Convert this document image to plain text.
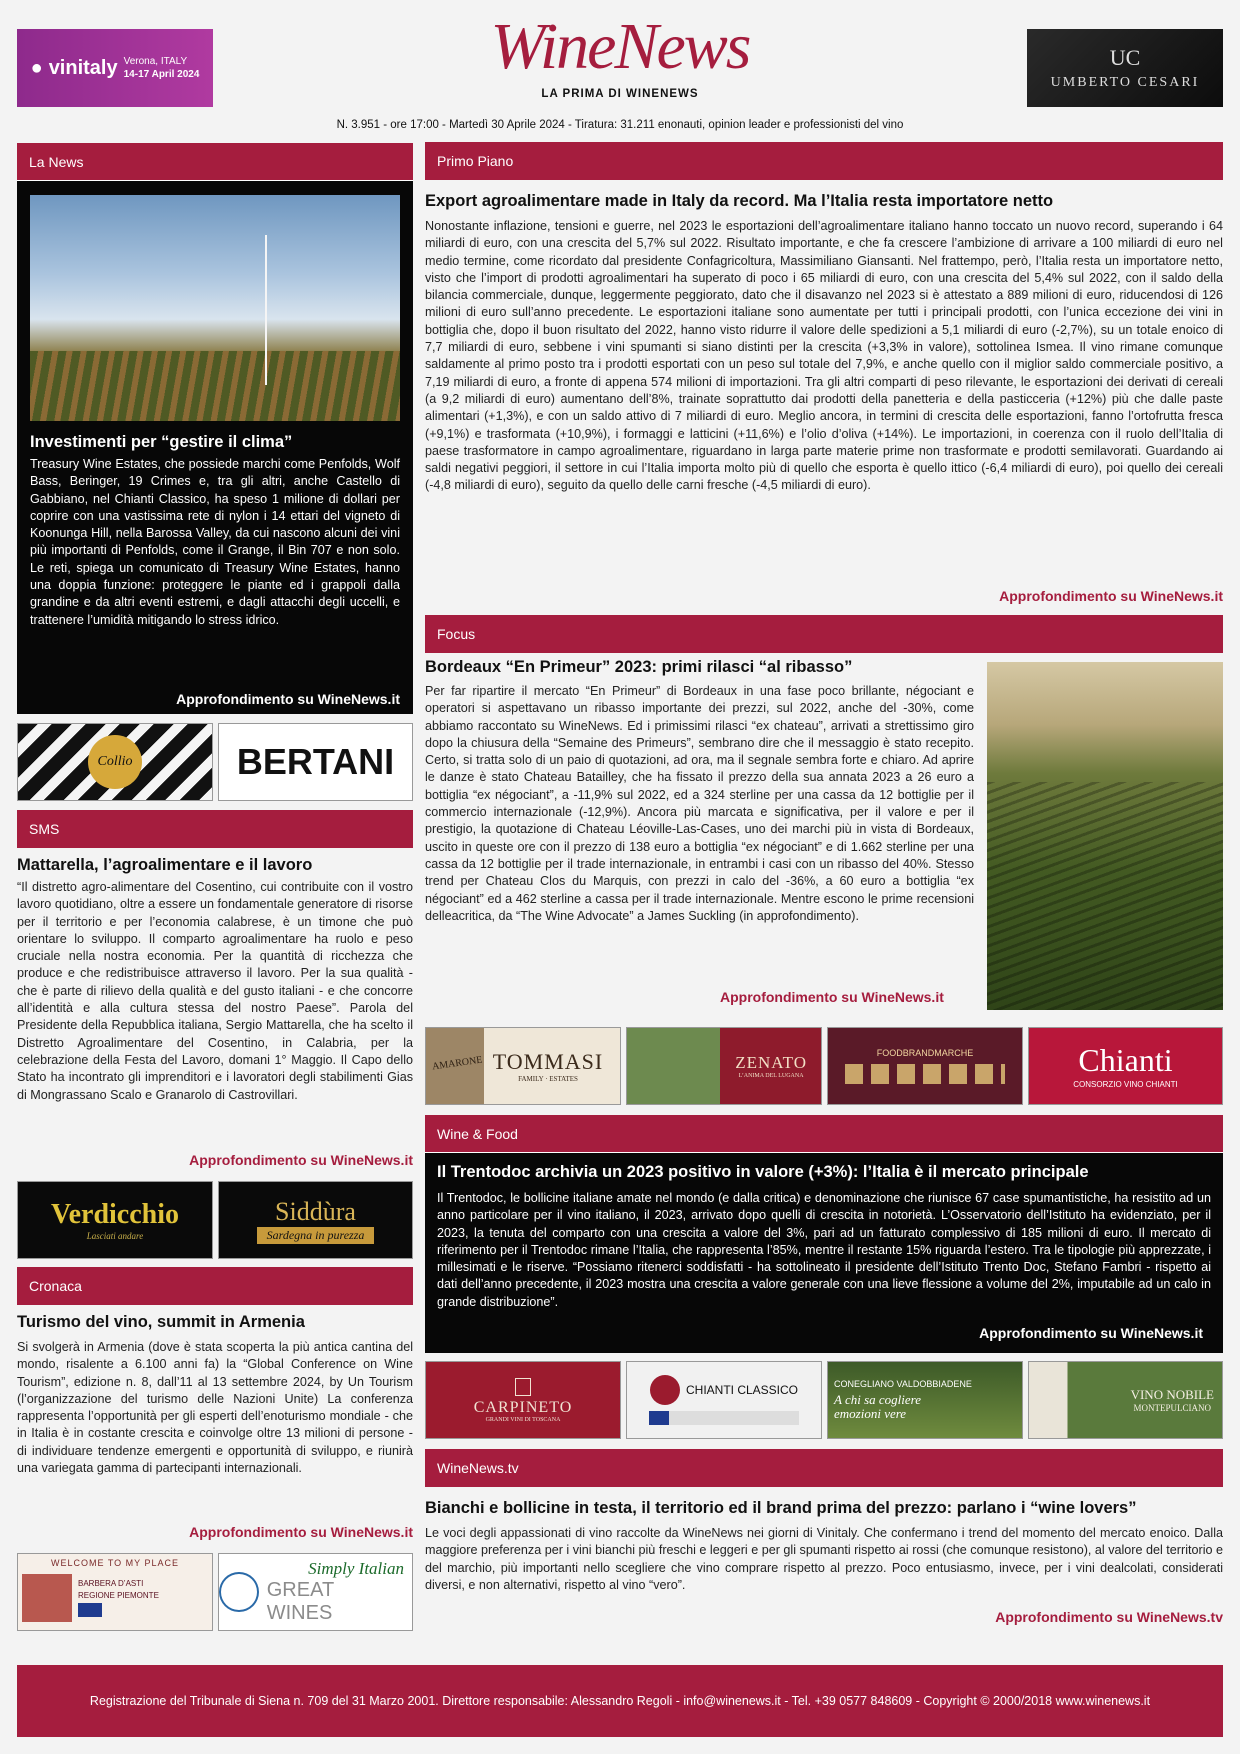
● vinitaly Verona, ITALY
14-17 April 2024	WineNews
LA PRIMA DI WINENEWS
UC
UMBERTO CESARI
N. 3.951 - ore 17:00 - Martedì 30 Aprile 2024 - Tiratura: 31.211 enonauti, opinion leader e professionisti del vino
La News
Investimenti per “gestire il clima”
Treasury Wine Estates, che possiede marchi come Penfolds, Wolf Bass, Beringer, 19 Crimes e, tra gli altri, anche Castello di Gabbiano, nel Chianti Classico, ha speso 1 milione di dollari per coprire con una vastissima rete di nylon i 14 ettari del vigneto di Koonunga Hill, nella Barossa Valley, da cui nascono alcuni dei vini più importanti di Penfolds, come il Grange, il Bin 707 e non solo. Le reti, spiega un comunicato di Treasury Wine Estates, hanno una doppia funzione: proteggere le piante ed i grappoli dalla grandine e da altri eventi estremi, e dagli attacchi degli uccelli, e trattenere l’umidità mitigando lo stress idrico.
Approfondimento su WineNews.it
Collio	BERTANI
SMS
Mattarella, l’agroalimentare e il lavoro
“Il distretto agro-alimentare del Cosentino, cui contribuite con il vostro lavoro quotidiano, oltre a essere un fondamentale generatore di risorse per il territorio e per l’economia calabrese, è un timone che può orientare lo sviluppo. Il comparto agroalimentare ha ruolo e peso cruciale nella nostra economia. Per la quantità di ricchezza che produce e che redistribuisce attraverso il lavoro. Per la sua qualità - che è parte di rilievo della qualità e del gusto italiani - e che concorre all’identità e alla cultura stessa del nostro Paese”. Parola del Presidente della Repubblica italiana, Sergio Mattarella, che ha scelto il Distretto Agroalimentare del Cosentino, in Calabria, per la celebrazione della Festa del Lavoro, domani 1° Maggio. Il Capo dello Stato ha incontrato gli imprenditori e i lavoratori degli stabilimenti Gias di Mongrassano Scalo e Granarolo di Castrovillari.
Approfondimento su WineNews.it
Verdicchio
Lasciati andare
Siddùra
Sardegna in purezza
Cronaca
Turismo del vino, summit in Armenia
Si svolgerà in Armenia (dove è stata scoperta la più antica cantina del mondo, risalente a 6.100 anni fa) la “Global Conference on Wine Tourism”, edizione n. 8, dall’11 al 13 settembre 2024, by Un Tourism (l’organizzazione del turismo delle Nazioni Unite) La conferenza rappresenta l’opportunità per gli esperti dell’enoturismo mondiale - che in Italia è in costante crescita e coinvolge oltre 13 milioni di persone - di individuare tendenze emergenti e opportunità di sviluppo, e riunirà una variegata gamma di partecipanti internazionali.
Approfondimento su WineNews.it
WELCOME TO MY PLACE
BARBERA D’ASTI
REGIONE PIEMONTE
Simply Italian
GREAT WINES
Primo Piano
Export agroalimentare made in Italy da record. Ma l’Italia resta importatore netto
Nonostante inflazione, tensioni e guerre, nel 2023 le esportazioni dell’agroalimentare italiano hanno toccato un nuovo record, superando i 64 miliardi di euro, con una crescita del 5,7% sul 2022. Risultato importante, e che fa crescere l’ambizione di arrivare a 100 miliardi di euro nel medio termine, come ricordato dal presidente Confagricoltura, Massimiliano Giansanti. Nel frattempo, però, l’Italia resta un importatore netto, visto che l’import di prodotti agroalimentari ha superato di poco i 65 miliardi di euro, con una crescita del 5,4% sul 2022, con il saldo della bilancia commerciale, dunque, leggermente peggiorato, dato che il disavanzo nel 2023 si è attestato a 889 milioni di euro, riducendosi di 126 milioni di euro sull’anno precedente. Le esportazioni italiane sono aumentate per tutti i principali prodotti, con l’unica eccezione dei vini in bottiglia che, dopo il buon risultato del 2022, hanno visto ridurre il valore delle spedizioni a 5,1 miliardi di euro (-2,7%), su un totale enoico di 7,7 miliardi di euro, sebbene i vini spumanti si siano distinti per la crescita (+3,3% in valore), sottolinea Ismea. Il vino rimane comunque saldamente al primo posto tra i prodotti esportati con un peso sul totale del 7,9%, e anche quello con il miglior saldo commerciale positivo, a 7,19 miliardi di euro, a fronte di appena 574 milioni di importazioni. Tra gli altri comparti di peso rilevante, le esportazioni dei derivati di cereali (a 9,2 miliardi di euro) aumentano dell’8%, trainate soprattutto dai prodotti della panetteria e della pasticceria (+12%) più che dalle paste alimentari (+1,3%), e con un saldo attivo di 7 miliardi di euro. Meglio ancora, in termini di crescita delle esportazioni, fanno l’ortofrutta fresca (+9,1%) e trasformata (+10,9%), i formaggi e latticini (+11,6%) e l’olio d’oliva (+14%). Le importazioni, in coerenza con il ruolo dell’Italia di paese trasformatore in campo agroalimentare, riguardano in larga parte materie prime non trasformate e prodotti semilavorati. Guardando ai saldi negativi peggiori, il settore in cui l’Italia importa molto più di quello che esporta è quello ittico (-6,4 miliardi di euro), poi quello dei cereali (-4,8 miliardi di euro), seguito da quello delle carni fresche (-4,5 miliardi di euro).
Approfondimento su WineNews.it
Focus
Bordeaux “En Primeur” 2023: primi rilasci “al ribasso”
Per far ripartire il mercato “En Primeur” di Bordeaux in una fase poco brillante, négociant e operatori si aspettavano un ribasso importante dei prezzi, sul 2022, anche del -30%, come abbiamo raccontato su WineNews. Ed i primissimi rilasci “ex chateau”, arrivati a strettissimo giro dopo la chiusura della “Semaine des Primeurs”, sembrano dire che il messaggio è stato recepito. Certo, si tratta solo di un paio di quotazioni, ad ora, ma il segnale sembra forte e chiaro. Ad aprire le danze è stato Chateau Batailley, che ha fissato il prezzo della sua annata 2023 a 26 euro a bottiglia “ex négociant”, a -11,9% sul 2022, ed a 324 sterline per una cassa da 12 bottiglie per il commercio internazionale (-12,9%). Ancora più marcata e significativa, per il valore e per il prestigio, la quotazione di Chateau Léoville-Las-Cases, uno dei marchi più in vista di Bordeaux, uscito in queste ore con il prezzo di 138 euro a bottiglia “ex négociant” e di 1.662 sterline per una cassa da 12 bottiglie per il trade internazionale, in entrambi i casi con un ribasso del 40%. Stesso trend per Chateau Clos du Marquis, con prezzi in calo del -36%, a 60 euro a bottiglia “ex négociant” ed a 462 sterline a cassa per il trade internazionale. Mentre escono le prime recensioni delleacritica, da “The Wine Advocate” a James Suckling (in approfondimento).
Approfondimento su WineNews.it
AMARONE TOMMASI
FAMILY · ESTATES
ZENATO
L’ANIMA DEL LUGANA
FOODBRANDMARCHE	Chianti
CONSORZIO VINO CHIANTI
Wine & Food
Il Trentodoc archivia un 2023 positivo in valore (+3%): l’Italia è il mercato principale
Il Trentodoc, le bollicine italiane amate nel mondo (e dalla critica) e denominazione che riunisce 67 case spumantistiche, ha resistito ad un anno particolare per il vino italiano, il 2023, arrivato dopo quelli di crescita in notorietà. L’Osservatorio dell’Istituto ha evidenziato, per il 2023, la tenuta del comparto con una crescita a valore del 3%, pari ad un fatturato complessivo di 185 milioni di euro. Il mercato di riferimento per il Trentodoc rimane l’Italia, che rappresenta l’85%, mentre il restante 15% riguarda l’estero. Tra le tipologie più apprezzate, i millesimati e le riserve. “Possiamo ritenerci soddisfatti - ha sottolineato il presidente dell’Istituto Trento Doc, Stefano Fambri - rispetto ai dati dell’anno precedente, il 2023 mostra una crescita a valore generale con una lieve flessione a volume del 2%, imputabile ad un calo in grande distribuzione”.
Approfondimento su WineNews.it
CARPINETO
GRANDI VINI DI TOSCANA
CHIANTI CLASSICO	CONEGLIANO VALDOBBIADENE
A chi sa cogliere emozioni vere
VINO NOBILE
MONTEPULCIANO
WineNews.tv
Bianchi e bollicine in testa, il territorio ed il brand prima del prezzo: parlano i “wine lovers”
Le voci degli appassionati di vino raccolte da WineNews nei giorni di Vinitaly. Che confermano i trend del momento del mercato enoico. Dalla maggiore preferenza per i vini bianchi più freschi e leggeri e per gli spumanti rispetto ai rossi (che comunque resistono), al valore del territorio e del marchio, più importanti nello scegliere che vino comprare rispetto al prezzo. Poco entusiasmo, invece, per i vini dealcolati, considerati diversi, e non alternativi, rispetto al vino “vero”.
Approfondimento su WineNews.tv
Registrazione del Tribunale di Siena n. 709 del 31 Marzo 2001. Direttore responsabile: Alessandro Regoli - info@winenews.it - Tel. +39 0577 848609 - Copyright © 2000/2018 www.winenews.it
